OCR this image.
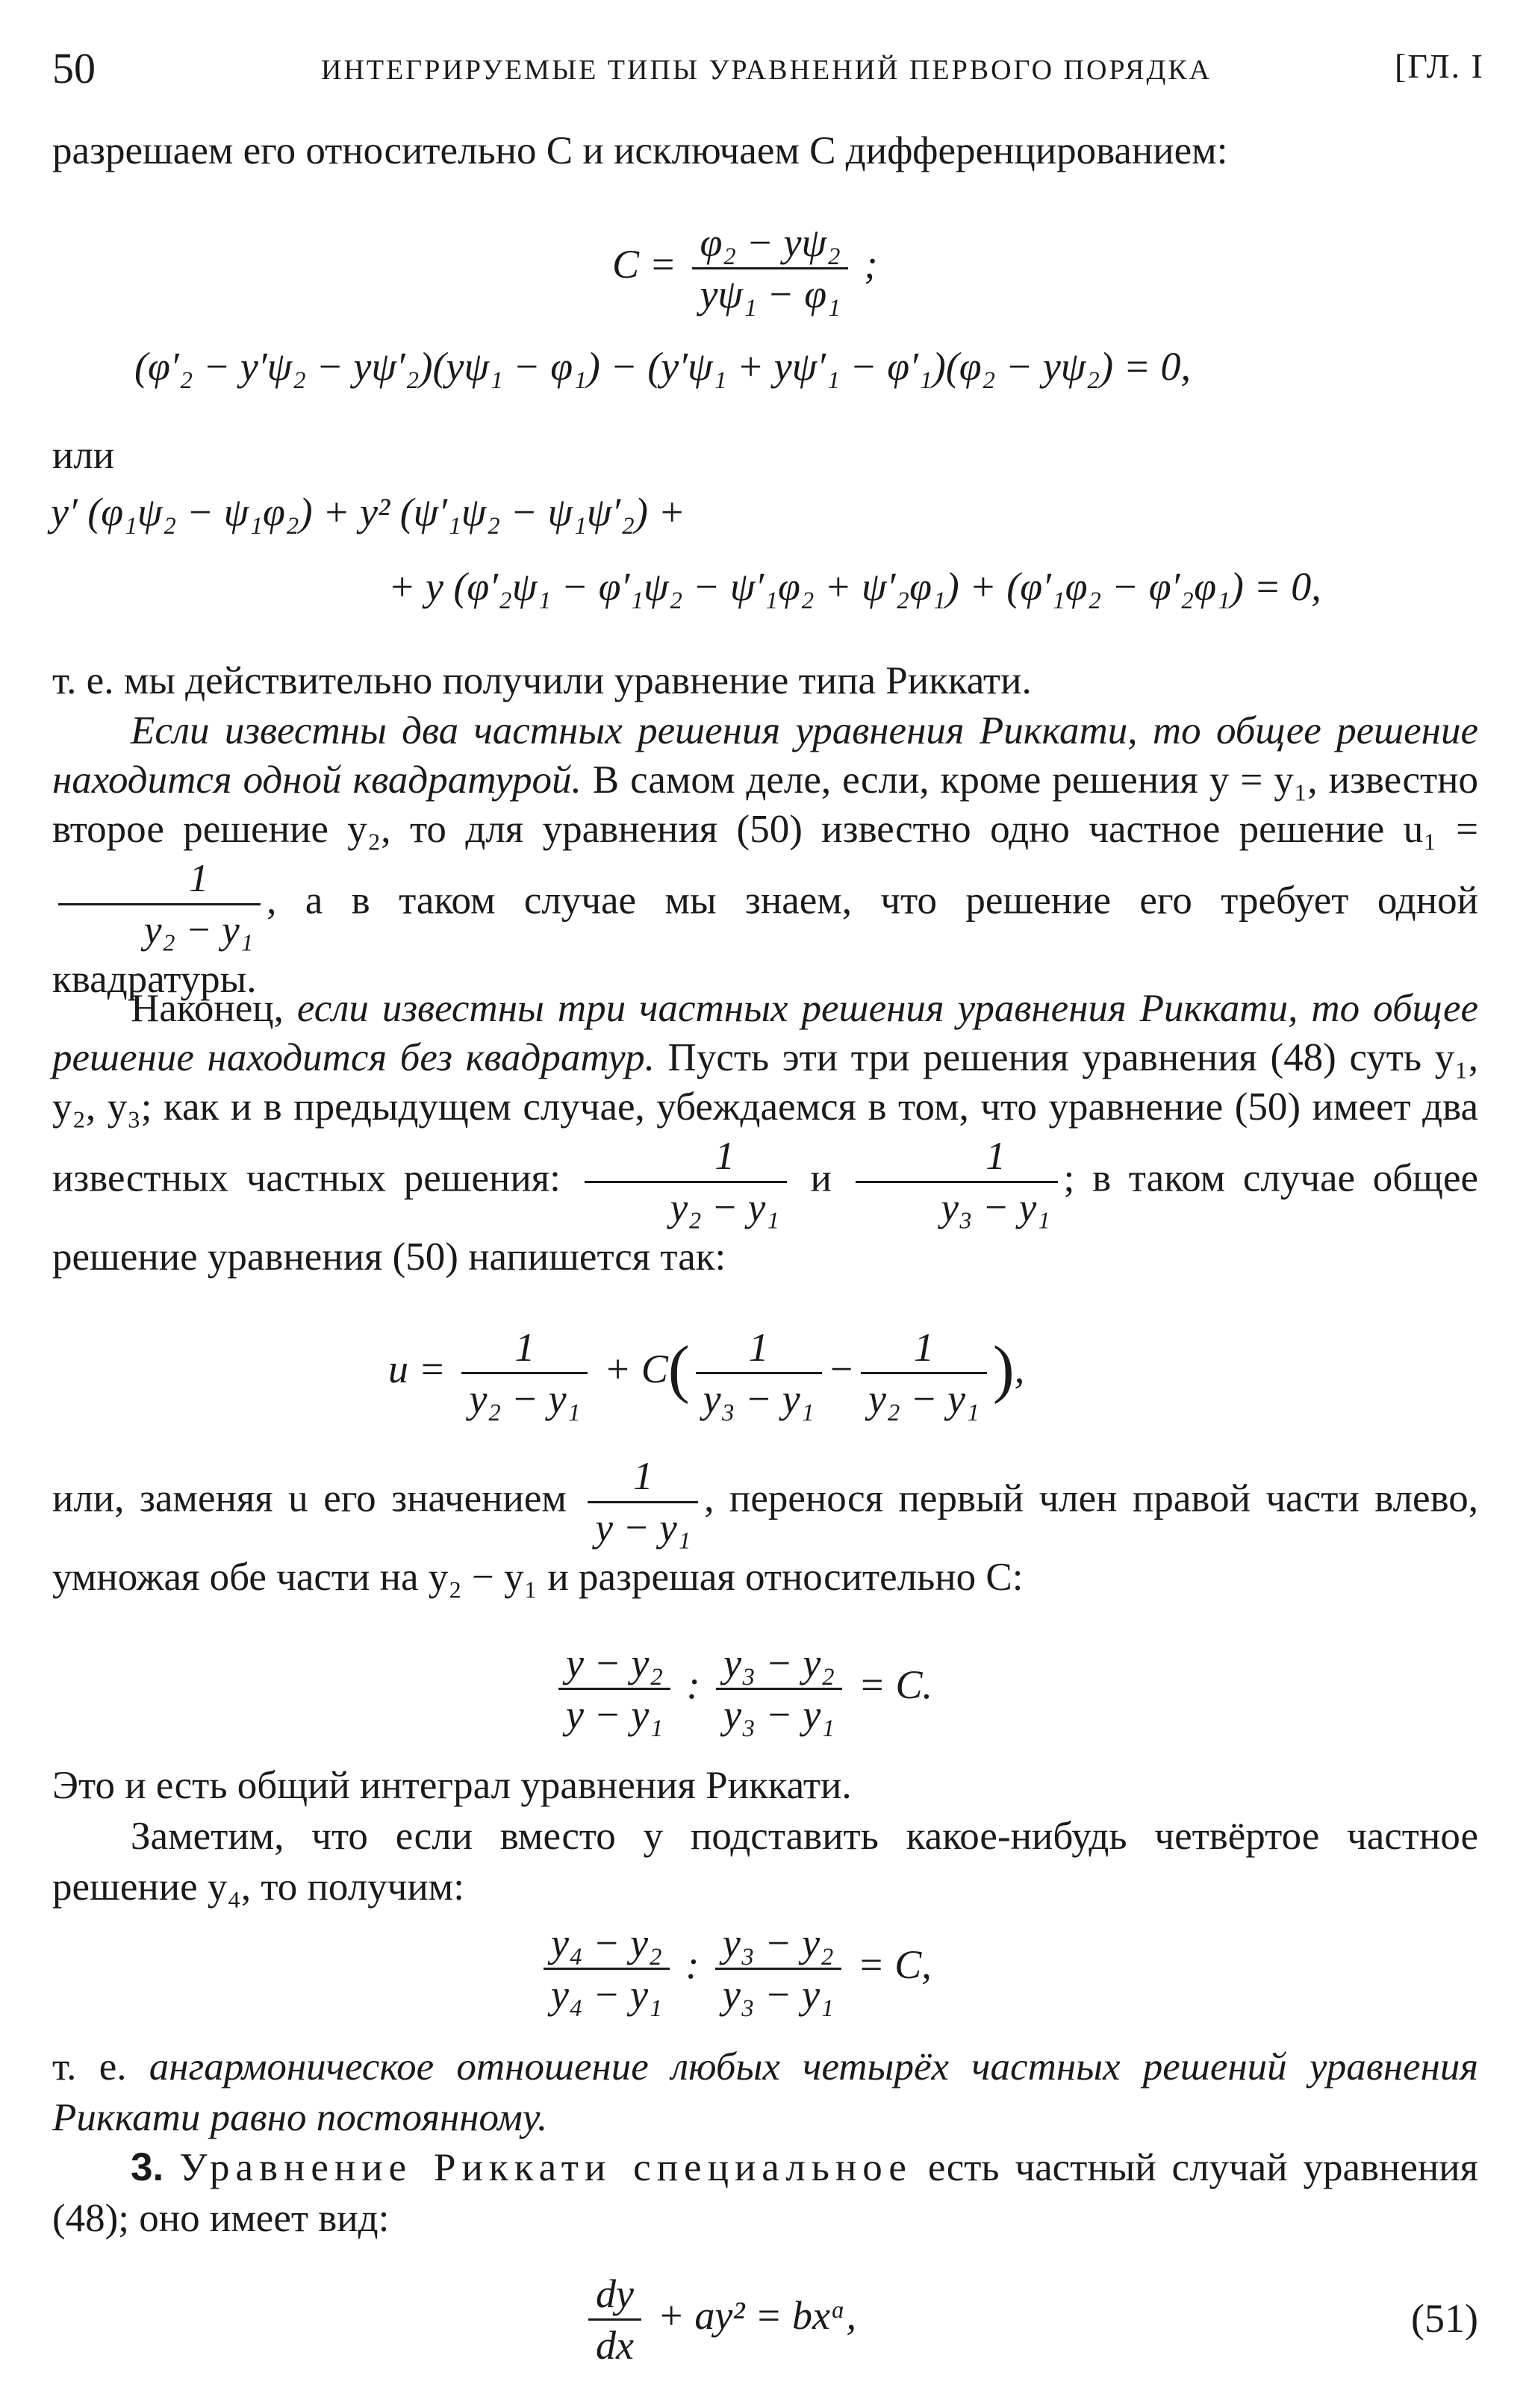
50	ИНТЕГРИРУЕМЫЕ ТИПЫ УРАВНЕНИЙ ПЕРВОГО ПОРЯДКА	[ГЛ. I
разрешаем его относительно C и исключаем C дифференцированием:
$C = \frac{\text{φ₂ − yψ₂}}{\text{yψ₁ − φ₁}}$ ;
(φ′₂ − y′ψ₂ − yψ′₂)(yψ₁ − φ₁) − (y′ψ₁ + yψ′₁ − φ′₁)(φ₂ − yψ₂) = 0,
или
y′ (φ₁ψ₂ − ψ₁φ₂) + y² (ψ′₁ψ₂ − ψ₁ψ′₂) +
+ y (φ′₂ψ₁ − φ′₁ψ₂ − ψ′₁φ₂ + ψ′₂φ₁) + (φ′₁φ₂ − φ′₂φ₁) = 0,
т. е. мы действительно получили уравнение типа Риккати.
Если известны два частных решения уравнения Риккати, то общее решение находится одной квадратурой. В самом деле, если, кроме решения y = y₁, известно второе решение y₂, то для уравнения (50) известно одно частное решение u₁ =
$\frac{1}{\text{y₂ − y₁}}$ , а в таком случае мы знаем, что решение его требует одной квадратуры.
Наконец, если известны три частных решения уравнения Риккати, то общее решение находится без квадратур. Пусть эти три решения уравнения (48) суть y₁, y₂, y₃; как и в предыдущем случае, убеждаемся в том, что уравнение (50) имеет два известных частных решения: $\frac{1}{\text{y₂ − y₁}}$ и $\frac{1}{\text{y₃ − y₁}}$ ; в таком случае общее решение уравнения (50) напишется так:
$u = \frac{1}{\text{y₂ − y₁}} + C( \frac{1}{\text{y₃ − y₁}} - \frac{1}{\text{y₂ − y₁}}$ ),
или, заменяя u его значением $\frac{1}{\text{y − y₁}}$ , перенося первый член правой части влево, умножая обе части на y₂ − y₁ и разрешая относительно C:
$\frac{\text{y − y₂}}{\text{y − y₁}}$ : $\frac{\text{y₃ − y₂}}{\text{y₃ − y₁}} = C$.
Это и есть общий интеграл уравнения Риккати.
Заметим, что если вместо y подставить какое-нибудь четвёртое частное решение y₄, то получим:
$\frac{\text{y₄ − y₂}}{\text{y₄ − y₁}}$ : $\frac{\text{y₃ − y₂}}{\text{y₃ − y₁}} = C$,
т. е. ангармоническое отношение любых четырёх частных решений уравнения Риккати равно постоянному.
3. Уравнение Риккати специальное есть частный случай уравнения (48); оно имеет вид:
$\frac{dy}{dx} + ay^2$ = bxᵅ,	(51)
